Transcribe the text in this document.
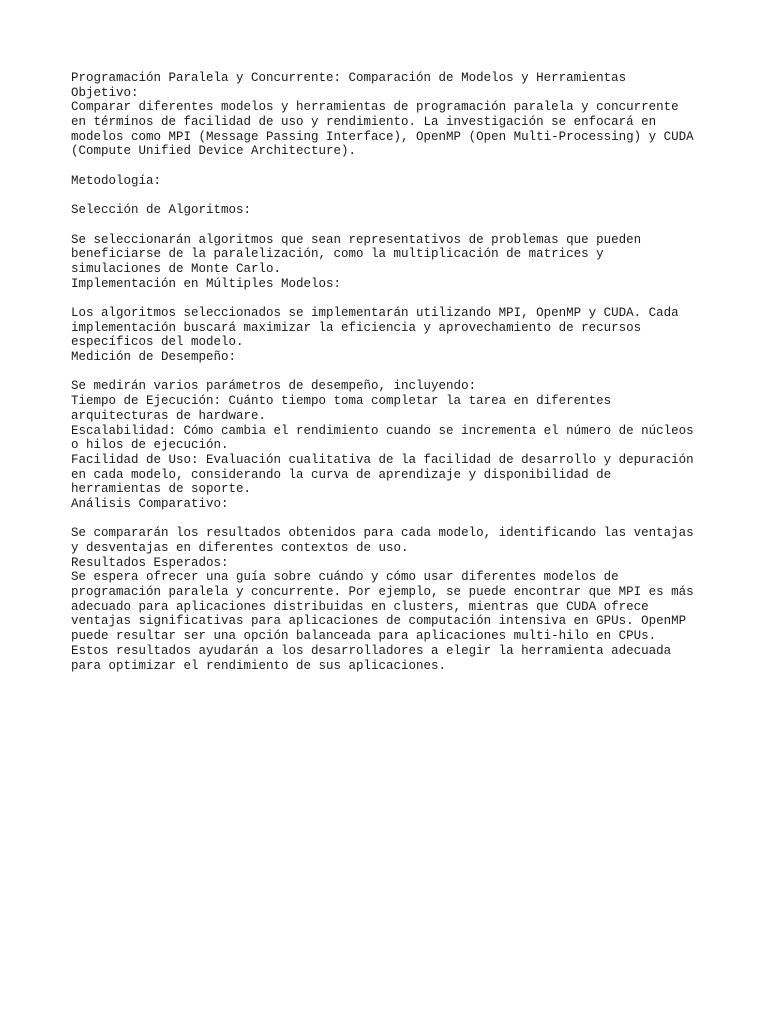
Programación Paralela y Concurrente: Comparación de Modelos y Herramientas
Objetivo:
Comparar diferentes modelos y herramientas de programación paralela y concurrente
en términos de facilidad de uso y rendimiento. La investigación se enfocará en
modelos como MPI (Message Passing Interface), OpenMP (Open Multi-Processing) y CUDA
(Compute Unified Device Architecture).
Metodología:
Selección de Algoritmos:
Se seleccionarán algoritmos que sean representativos de problemas que pueden
beneficiarse de la paralelización, como la multiplicación de matrices y
simulaciones de Monte Carlo.
Implementación en Múltiples Modelos:
Los algoritmos seleccionados se implementarán utilizando MPI, OpenMP y CUDA. Cada
implementación buscará maximizar la eficiencia y aprovechamiento de recursos
específicos del modelo.
Medición de Desempeño:
Se medirán varios parámetros de desempeño, incluyendo:
Tiempo de Ejecución: Cuánto tiempo toma completar la tarea en diferentes
arquitecturas de hardware.
Escalabilidad: Cómo cambia el rendimiento cuando se incrementa el número de núcleos
o hilos de ejecución.
Facilidad de Uso: Evaluación cualitativa de la facilidad de desarrollo y depuración
en cada modelo, considerando la curva de aprendizaje y disponibilidad de
herramientas de soporte.
Análisis Comparativo:
Se compararán los resultados obtenidos para cada modelo, identificando las ventajas
y desventajas en diferentes contextos de uso.
Resultados Esperados:
Se espera ofrecer una guía sobre cuándo y cómo usar diferentes modelos de
programación paralela y concurrente. Por ejemplo, se puede encontrar que MPI es más
adecuado para aplicaciones distribuidas en clusters, mientras que CUDA ofrece
ventajas significativas para aplicaciones de computación intensiva en GPUs. OpenMP
puede resultar ser una opción balanceada para aplicaciones multi-hilo en CPUs.
Estos resultados ayudarán a los desarrolladores a elegir la herramienta adecuada
para optimizar el rendimiento de sus aplicaciones.
